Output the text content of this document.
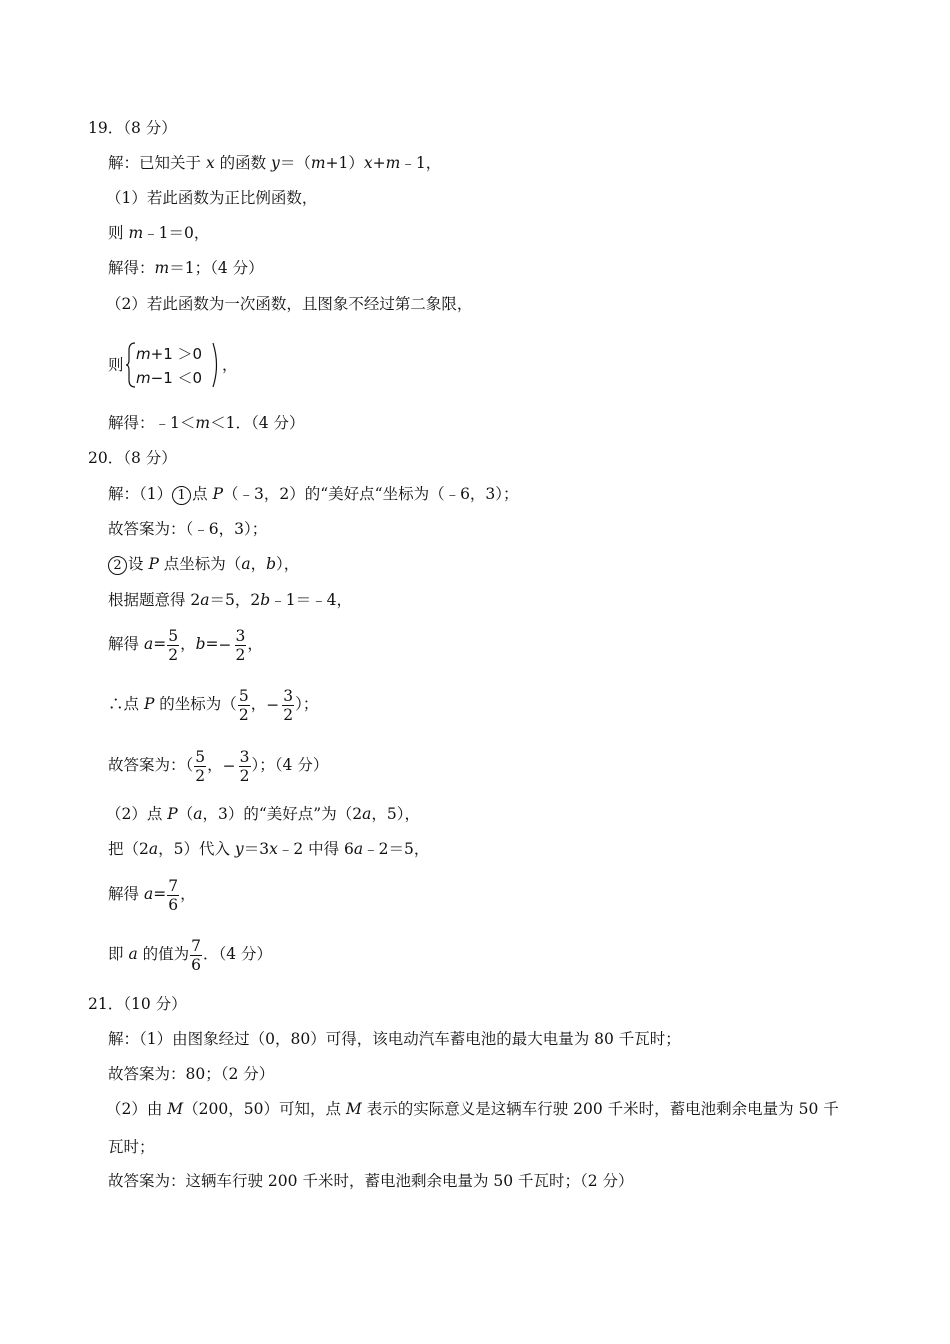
19．（8 分）
解：已知关于 x 的函数 y＝（m+1）x+m﹣1，
（1）若此函数为正比例函数，
则 m﹣1＝0，
解得：m＝1；（4 分）
（2）若此函数为一次函数，且图象不经过第二象限，
则
m+1 ＞0
m−1 ＜0
，
解得：﹣1＜m＜1．（4 分）
20．（8 分）
解：（1） 1 点 P（﹣3，2）的“美好点“坐标为（﹣6，3）；
故答案为：（﹣6，3）；
2 设 P 点坐标为（a，b），
根据题意得 2a＝5，2b﹣1＝﹣4，
解得 $a= \frac{5}{2}$ ，$b=- \frac{3}{2}$ ，
∴点 P 的坐标为（ $\frac{5}{2}$ ，− $\frac{3}{2}$ ）；
故答案为：（ $\frac{5}{2}$ ，− $\frac{3}{2}$ ）；（4 分）
（2）点 P（a，3）的“美好点”为（2a，5），
把（2a，5）代入 y＝3x﹣2 中得 6a﹣2＝5，
解得 $a= \frac{7}{6}$ ，
即 a 的值为 $\frac{7}{6}$ ．（4 分）
21．（10 分）
解：（1）由图象经过（0，80）可得，该电动汽车蓄电池的最大电量为 80 千瓦时；
故答案为：80；（2 分）
（2）由 M（200，50）可知，点 M 表示的实际意义是这辆车行驶 200 千米时，蓄电池剩余电量为 50 千
瓦时；
故答案为：这辆车行驶 200 千米时，蓄电池剩余电量为 50 千瓦时；（2 分）
